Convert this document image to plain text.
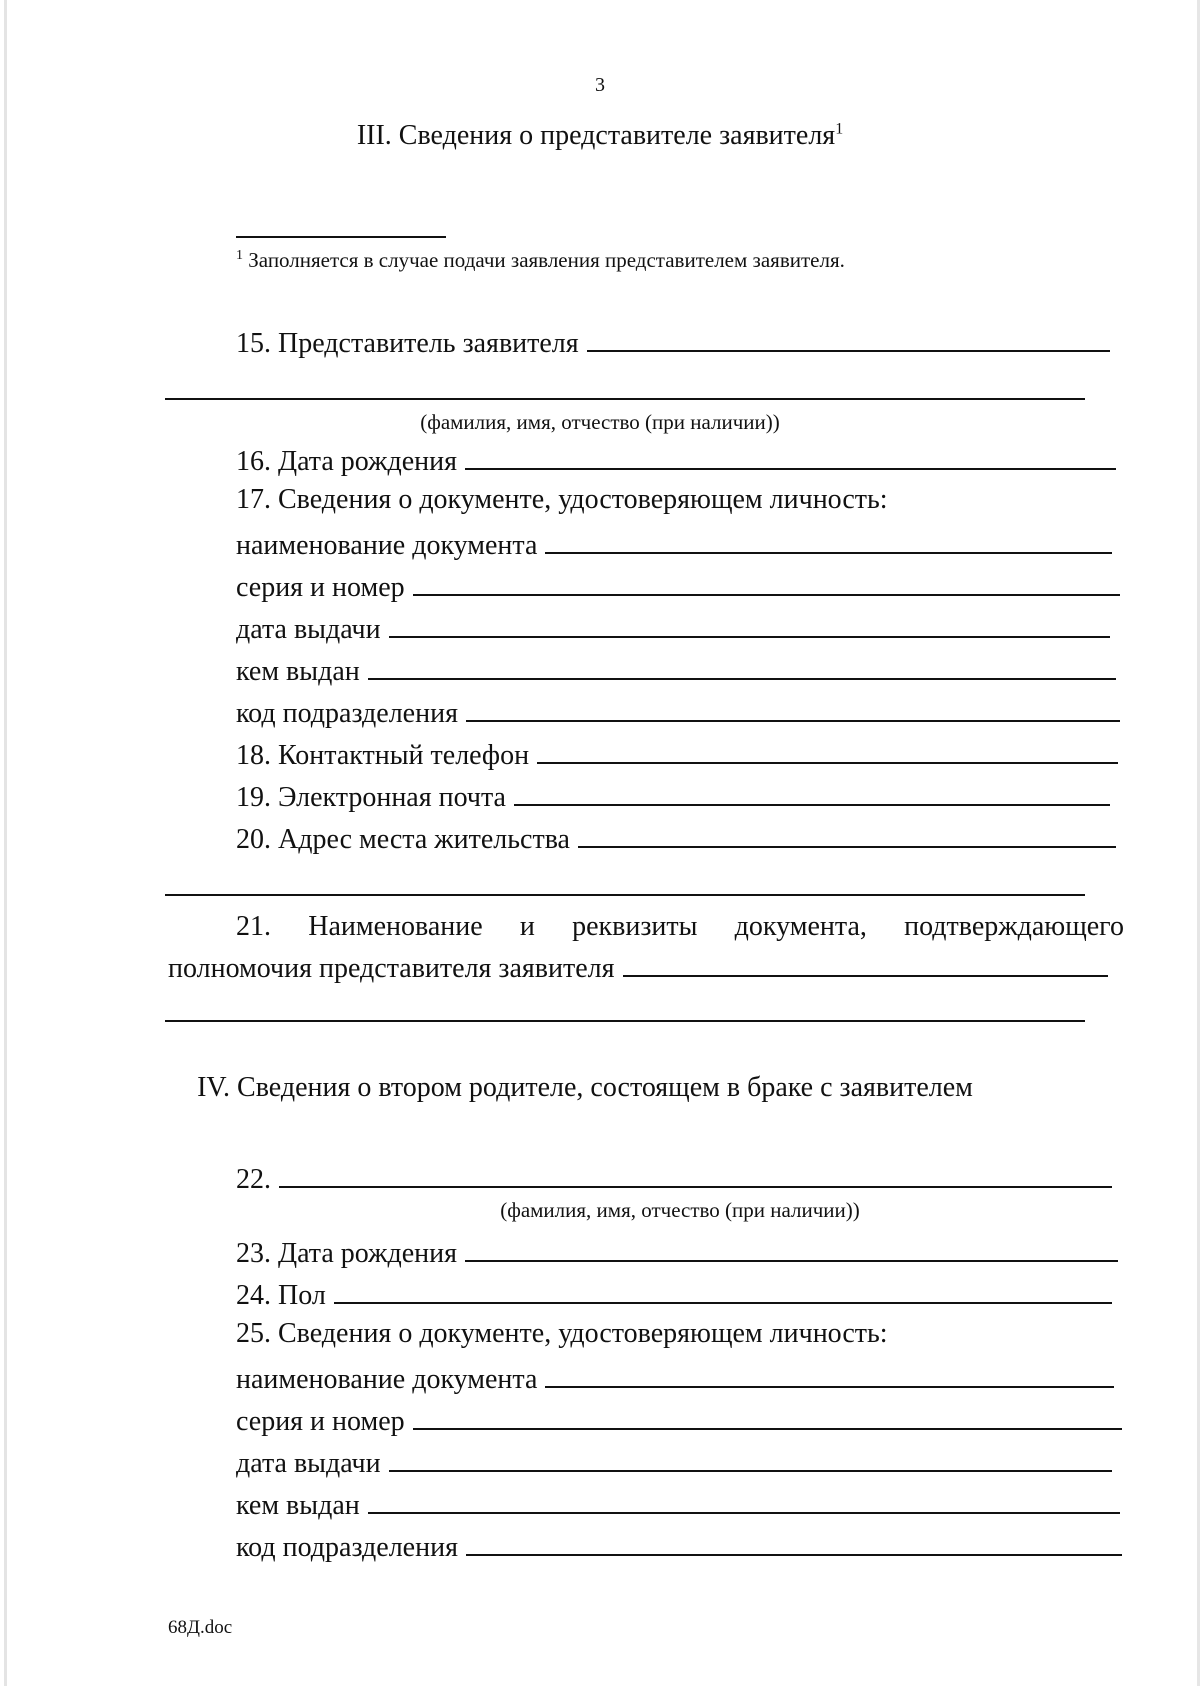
3
III. Сведения о представителе заявителя$^1$
$^1$ Заполняется в случае подачи заявления представителем заявителя.
15. Представитель заявителя
(фамилия, имя, отчество (при наличии))
16. Дата рождения
17. Сведения о документе, удостоверяющем личность:
наименование документа
серия и номер
дата выдачи
кем выдан
код подразделения
18. Контактный телефон
19. Электронная почта
20. Адрес места жительства
21. Наименование и реквизиты документа, подтверждающего
полномочия представителя заявителя
IV. Сведения о втором родителе, состоящем в браке с заявителем
22.
(фамилия, имя, отчество (при наличии))
23. Дата рождения
24. Пол
25. Сведения о документе, удостоверяющем личность:
наименование документа
серия и номер
дата выдачи
кем выдан
код подразделения
68Д.doc
